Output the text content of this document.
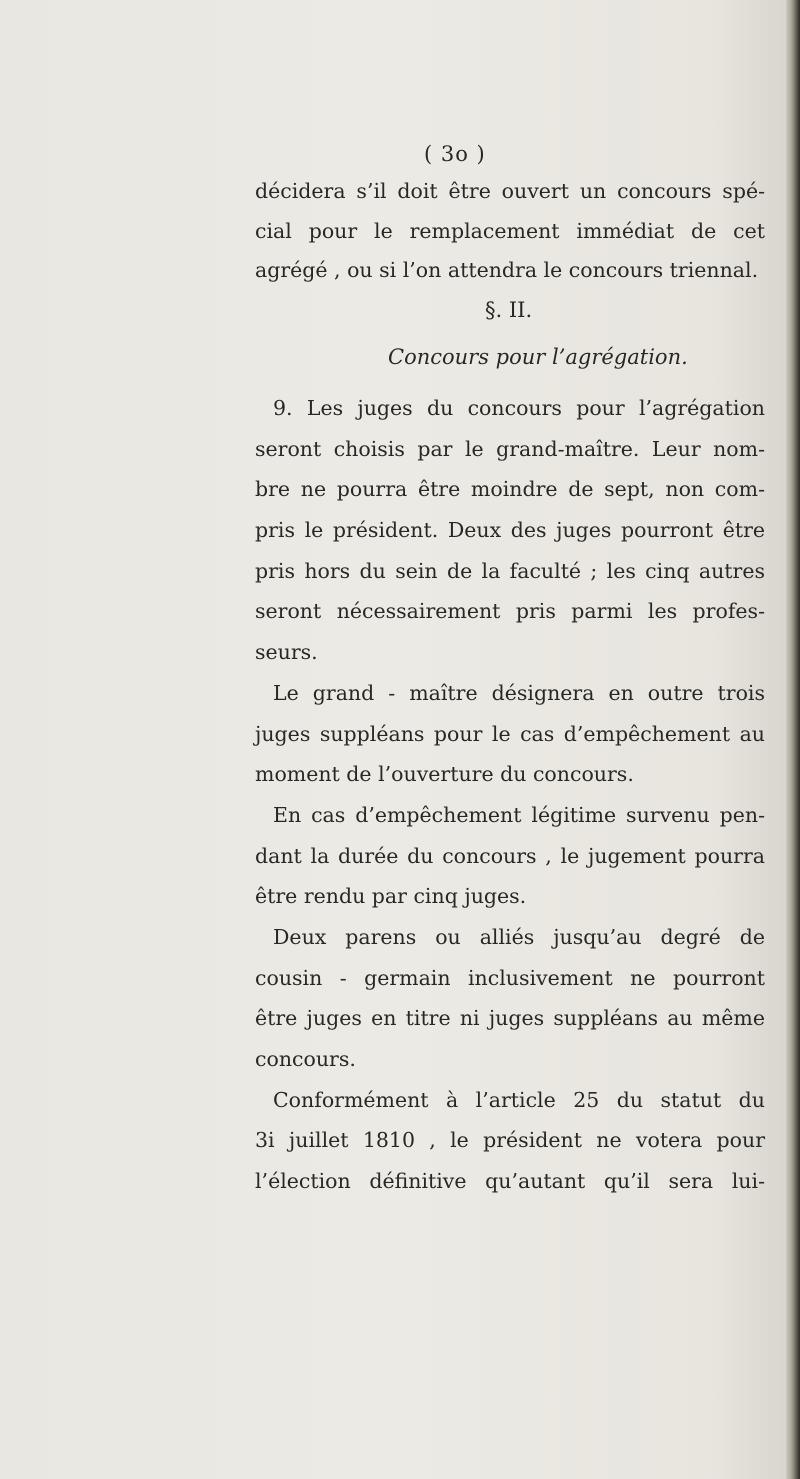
( 3o )
décidera s’il doit être ouvert un concours spé-
cial pour le remplacement immédiat de cet
agrégé , ou si l’on attendra le concours triennal.
§. II.
Concours pour l’agrégation.
9. Les juges du concours pour l’agrégation
seront choisis par le grand-maître. Leur nom-
bre ne pourra être moindre de sept, non com-
pris le président. Deux des juges pourront être
pris hors du sein de la faculté ; les cinq autres
seront nécessairement pris parmi les profes-
seurs.
Le grand - maître désignera en outre trois
juges suppléans pour le cas d’empêchement au
moment de l’ouverture du concours.
En cas d’empêchement légitime survenu pen-
dant la durée du concours , le jugement pourra
être rendu par cinq juges.
Deux parens ou alliés jusqu’au degré de
cousin - germain inclusivement ne pourront
être juges en titre ni juges suppléans au même
concours.
Conformément à l’article 25 du statut du
3i juillet 1810 , le président ne votera pour
l’élection définitive qu’autant qu’il sera lui-
